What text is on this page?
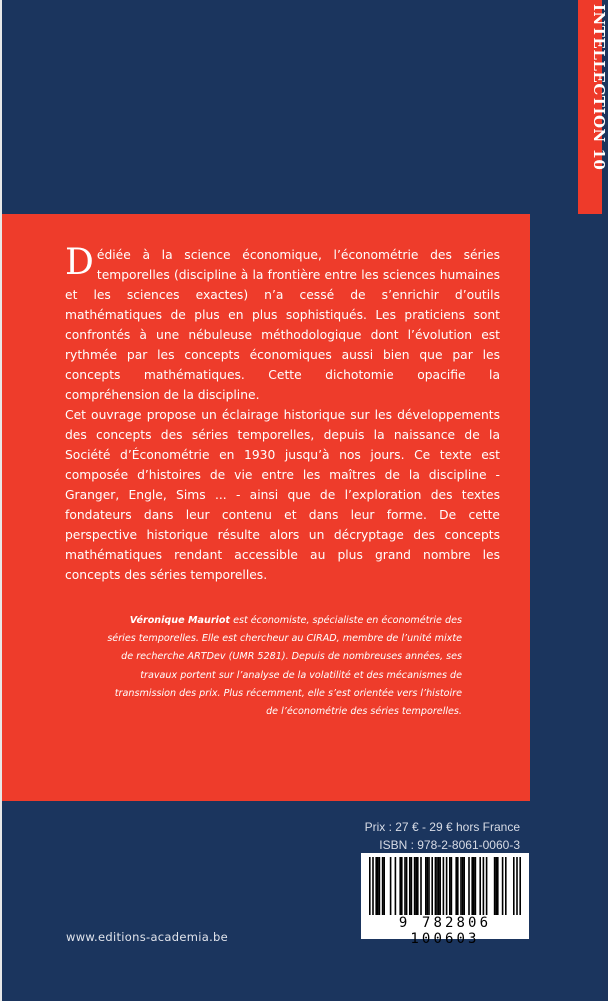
INTELLECTION 10

Dédiée à la science économique, l’économétrie des séries temporelles (discipline à la frontière entre les sciences humaines et les sciences exactes) n’a cessé de s’enrichir d’outils mathématiques de plus en plus sophistiqués. Les praticiens sont confrontés à une nébuleuse méthodologique dont l’évolution est rythmée par les concepts économiques aussi bien que par les concepts mathématiques. Cette dichotomie opacifie la compréhension de la discipline.

Cet ouvrage propose un éclairage historique sur les développements des concepts des séries temporelles, depuis la naissance de la Société d’Économétrie en 1930 jusqu’à nos jours. Ce texte est composée d’histoires de vie entre les maîtres de la discipline - Granger, Engle, Sims ... - ainsi que de l’exploration des textes fondateurs dans leur contenu et dans leur forme. De cette perspective historique résulte alors un décryptage des concepts mathématiques rendant accessible au plus grand nombre les concepts des séries temporelles.

Véronique Mauriot est économiste, spécialiste en économétrie des séries temporelles. Elle est chercheur au CIRAD, membre de l’unité mixte de recherche ARTDev (UMR 5281). Depuis de nombreuses années, ses travaux portent sur l’analyse de la volatilité et des mécanismes de transmission des prix. Plus récemment, elle s’est orientée vers l’histoire de l’économétrie des séries temporelles.
Prix : 27 € - 29 € hors France
ISBN : 978-2-8061-0060-3
9 782806 100603
www.editions-academia.be
